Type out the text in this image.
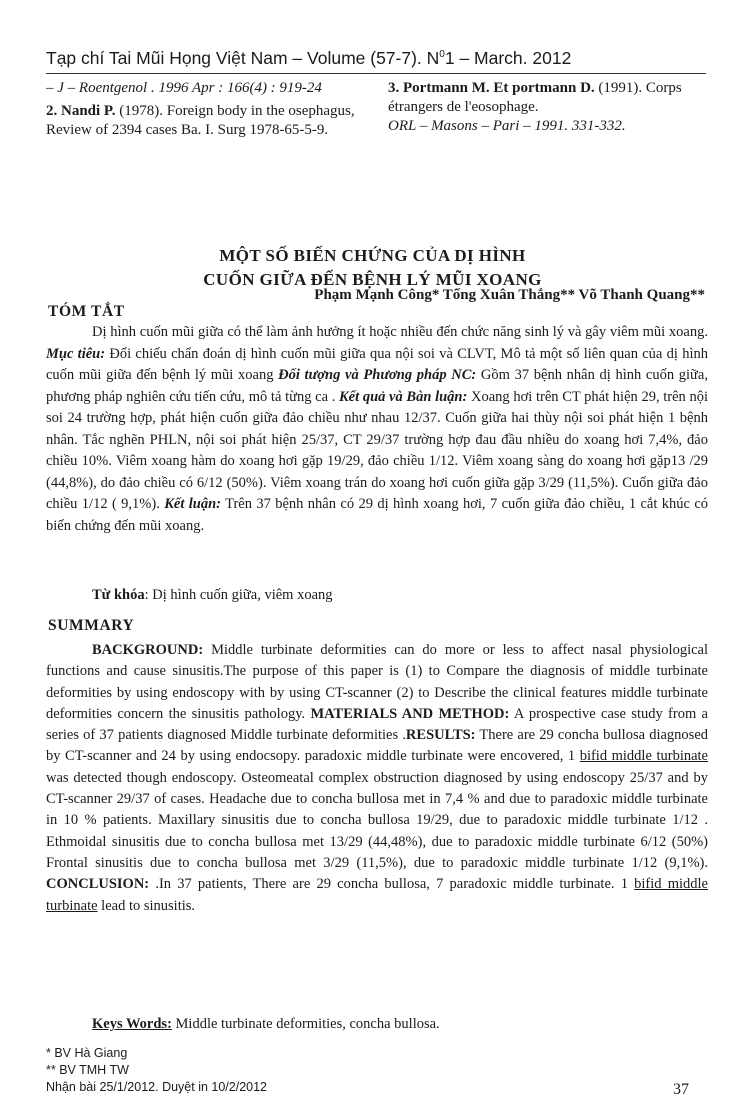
Tạp chí Tai Mũi Họng Việt Nam – Volume (57-7). $N^01$ – March. 2012

– J – Roentgenol . 1996 Apr : 166(4) : 919-24

2. Nandi P. (1978). Foreign body in the osephagus, Review of 2394 cases Ba. I. Surg 1978-65-5-9.

3. Portmann M. Et portmann D. (1991). Corps étrangers de l'eosophage.
ORL – Masons – Pari – 1991. 331-332.

MỘT SỐ BIẾN CHỨNG CỦA DỊ HÌNH
CUỐN GIỮA ĐẾN BỆNH LÝ MŨI XOANG
Phạm Mạnh Công* Tống Xuân Thắng** Võ Thanh Quang**
TÓM TẮT

Dị hình cuốn mũi giữa có thể làm ảnh hưởng ít hoặc nhiều đến chức năng sinh lý và gây viêm mũi xoang. Mục tiêu: Đối chiếu chẩn đoán dị hình cuốn mũi giữa qua nội soi và CLVT, Mô tả một số liên quan của dị hình cuốn mũi giữa đến bệnh lý mũi xoang Đối tượng và Phương pháp NC: Gồm 37 bệnh nhân dị hình cuốn giữa, phương pháp nghiên cứu tiến cứu, mô tả từng ca . Kết quả và Bàn luận: Xoang hơi trên CT phát hiện 29, trên nội soi 24 trường hợp, phát hiện cuốn giữa đảo chiều như nhau 12/37. Cuốn giữa hai thùy nội soi phát hiện 1 bệnh nhân. Tắc nghẽn PHLN, nội soi phát hiện 25/37, CT 29/37 trường hợp đau đầu nhiều do xoang hơi 7,4%, đảo chiều 10%. Viêm xoang hàm do xoang hơi gặp 19/29, đảo chiều 1/12. Viêm xoang sàng do xoang hơi gặp13 /29 (44,8%), do đảo chiều có 6/12 (50%). Viêm xoang trán do xoang hơi cuốn giữa gặp 3/29 (11,5%). Cuốn giữa đảo chiều 1/12 ( 9,1%). Kết luận: Trên 37 bệnh nhân có 29 dị hình xoang hơi, 7 cuốn giữa đảo chiều, 1 cắt khúc có biến chứng đến mũi xoang.

Từ khóa: Dị hình cuốn giữa, viêm xoang
SUMMARY

BACKGROUND: Middle turbinate deformities can do more or less to affect nasal physiological functions and cause sinusitis.The purpose of this paper is (1) to Compare the diagnosis of middle turbinate deformities by using endoscopy with by using CT-scanner (2) to Describe the clinical features middle turbinate deformities concern the sinusitis pathology. MATERIALS AND METHOD: A prospective case study from a series of 37 patients diagnosed Middle turbinate deformities .RESULTS: There are 29 concha bullosa diagnosed by CT-scanner and 24 by using endocsopy. paradoxic middle turbinate were encovered, 1 bifid middle turbinate was detected though endoscopy. Osteomeatal complex obstruction diagnosed by using endoscopy 25/37 and by CT-scanner 29/37 of cases. Headache due to concha bullosa met in 7,4 % and due to paradoxic middle turbinate in 10 % patients. Maxillary sinusitis due to concha bullosa 19/29, due to paradoxic middle turbinate 1/12 . Ethmoidal sinusitis due to concha bullosa met 13/29 (44,48%), due to paradoxic middle turbinate 6/12 (50%) Frontal sinusitis due to concha bullosa met 3/29 (11,5%), due to paradoxic middle turbinate 1/12 (9,1%). CONCLUSION: .In 37 patients, There are 29 concha bullosa, 7 paradoxic middle turbinate. 1 bifid middle turbinate lead to sinusitis.

Keys Words: Middle turbinate deformities, concha bullosa.
* BV Hà Giang
** BV TMH TW
Nhận bài 25/1/2012. Duyệt in 10/2/2012	37
